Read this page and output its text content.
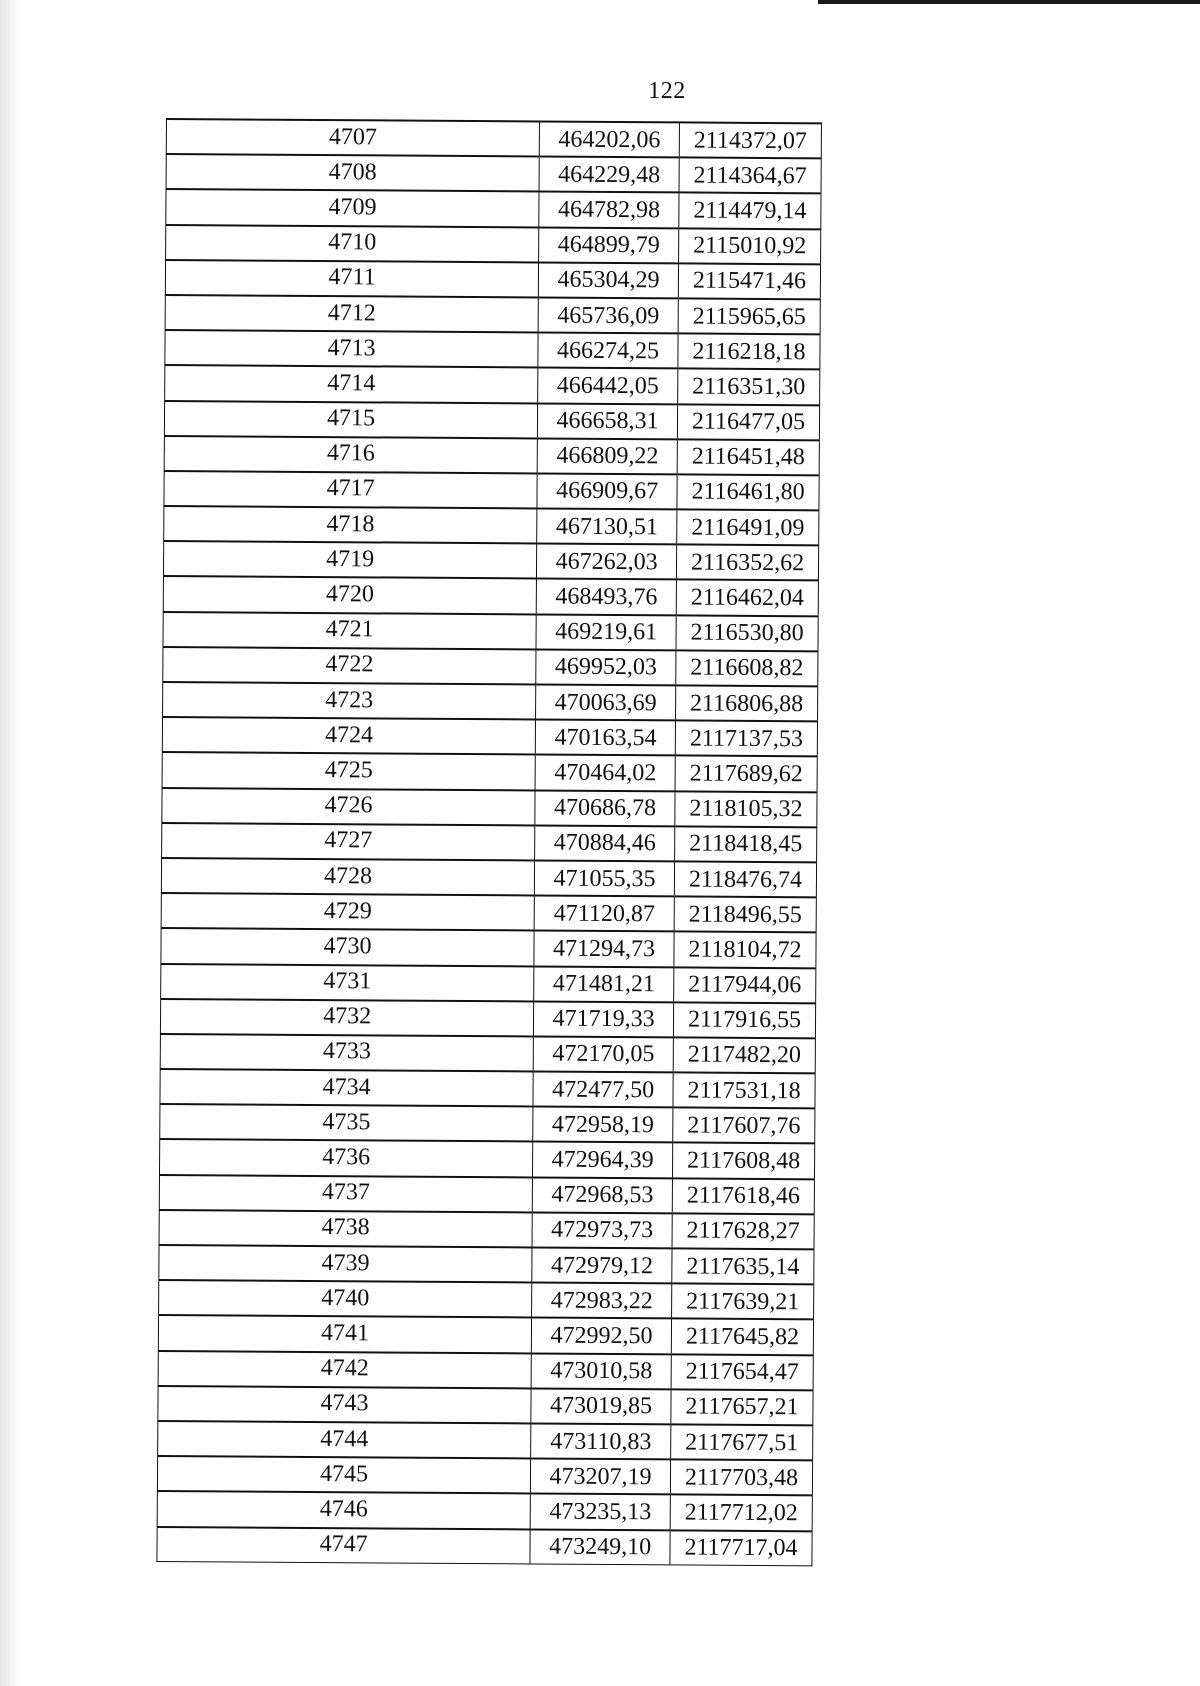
122
4707	464202,06	2114372,07
4708	464229,48	2114364,67
4709	464782,98	2114479,14
4710	464899,79	2115010,92
4711	465304,29	2115471,46
4712	465736,09	2115965,65
4713	466274,25	2116218,18
4714	466442,05	2116351,30
4715	466658,31	2116477,05
4716	466809,22	2116451,48
4717	466909,67	2116461,80
4718	467130,51	2116491,09
4719	467262,03	2116352,62
4720	468493,76	2116462,04
4721	469219,61	2116530,80
4722	469952,03	2116608,82
4723	470063,69	2116806,88
4724	470163,54	2117137,53
4725	470464,02	2117689,62
4726	470686,78	2118105,32
4727	470884,46	2118418,45
4728	471055,35	2118476,74
4729	471120,87	2118496,55
4730	471294,73	2118104,72
4731	471481,21	2117944,06
4732	471719,33	2117916,55
4733	472170,05	2117482,20
4734	472477,50	2117531,18
4735	472958,19	2117607,76
4736	472964,39	2117608,48
4737	472968,53	2117618,46
4738	472973,73	2117628,27
4739	472979,12	2117635,14
4740	472983,22	2117639,21
4741	472992,50	2117645,82
4742	473010,58	2117654,47
4743	473019,85	2117657,21
4744	473110,83	2117677,51
4745	473207,19	2117703,48
4746	473235,13	2117712,02
4747	473249,10	2117717,04
